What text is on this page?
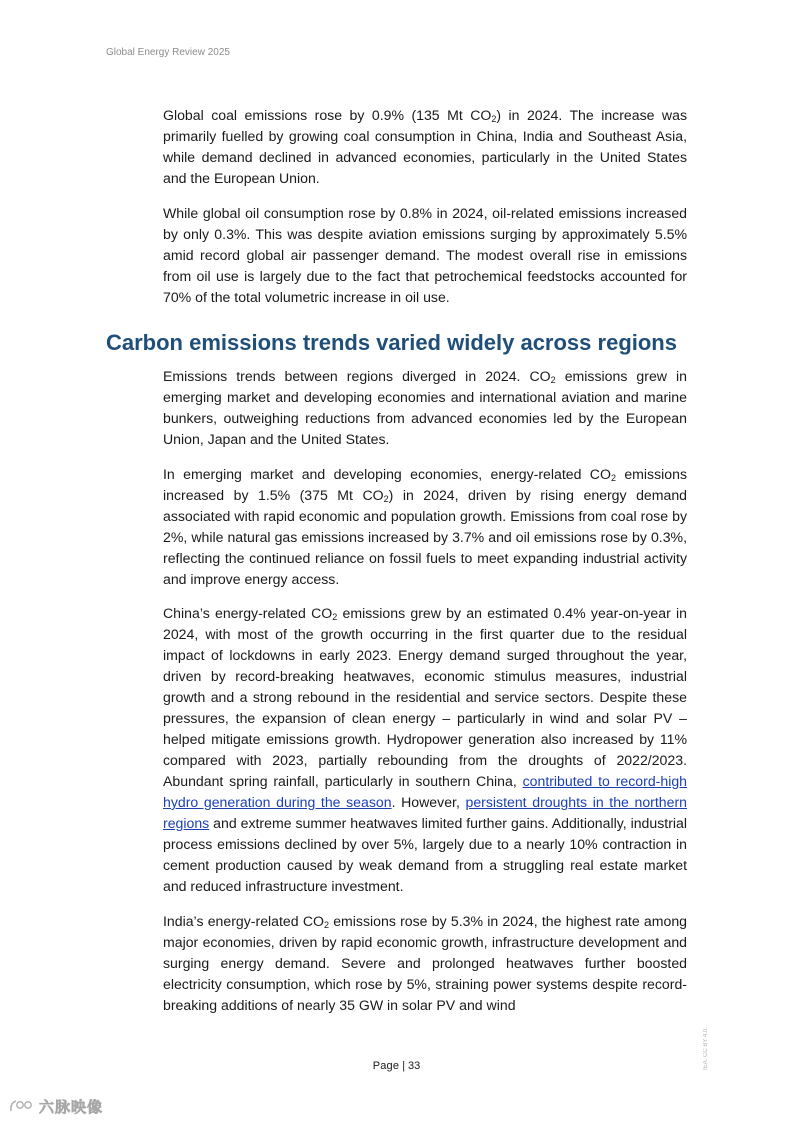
Global Energy Review 2025

Global coal emissions rose by 0.9% (135 Mt $CO_2$) in 2024. The increase was primarily fuelled by growing coal consumption in China, India and Southeast Asia, while demand declined in advanced economies, particularly in the United States and the European Union.

While global oil consumption rose by 0.8% in 2024, oil-related emissions increased by only 0.3%. This was despite aviation emissions surging by approximately 5.5% amid record global air passenger demand. The modest overall rise in emissions from oil use is largely due to the fact that petrochemical feedstocks accounted for 70% of the total volumetric increase in oil use.

Carbon emissions trends varied widely across regions

Emissions trends between regions diverged in 2024. $CO_2$ emissions grew in emerging market and developing economies and international aviation and marine bunkers, outweighing reductions from advanced economies led by the European Union, Japan and the United States.

In emerging market and developing economies, energy-related $CO_2$ emissions increased by 1.5% (375 Mt $CO_2$) in 2024, driven by rising energy demand associated with rapid economic and population growth. Emissions from coal rose by 2%, while natural gas emissions increased by 3.7% and oil emissions rose by 0.3%, reflecting the continued reliance on fossil fuels to meet expanding industrial activity and improve energy access.

China’s energy-related $CO_2$ emissions grew by an estimated 0.4% year-on-year in 2024, with most of the growth occurring in the first quarter due to the residual impact of lockdowns in early 2023. Energy demand surged throughout the year, driven by record-breaking heatwaves, economic stimulus measures, industrial growth and a strong rebound in the residential and service sectors. Despite these pressures, the expansion of clean energy – particularly in wind and solar PV – helped mitigate emissions growth. Hydropower generation also increased by 11% compared with 2023, partially rebounding from the droughts of 2022/2023. Abundant spring rainfall, particularly in southern China, contributed to record-high hydro generation during the season. However, persistent droughts in the northern regions and extreme summer heatwaves limited further gains. Additionally, industrial process emissions declined by over 5%, largely due to a nearly 10% contraction in cement production caused by weak demand from a struggling real estate market and reduced infrastructure investment.

India’s energy-related $CO_2$ emissions rose by 5.3% in 2024, the highest rate among major economies, driven by rapid economic growth, infrastructure development and surging energy demand. Severe and prolonged heatwaves further boosted electricity consumption, which rose by 5%, straining power systems despite record-breaking additions of nearly 35 GW in solar PV and wind

IEA. CC BY 4.0.
Page | 33
六脉映像
